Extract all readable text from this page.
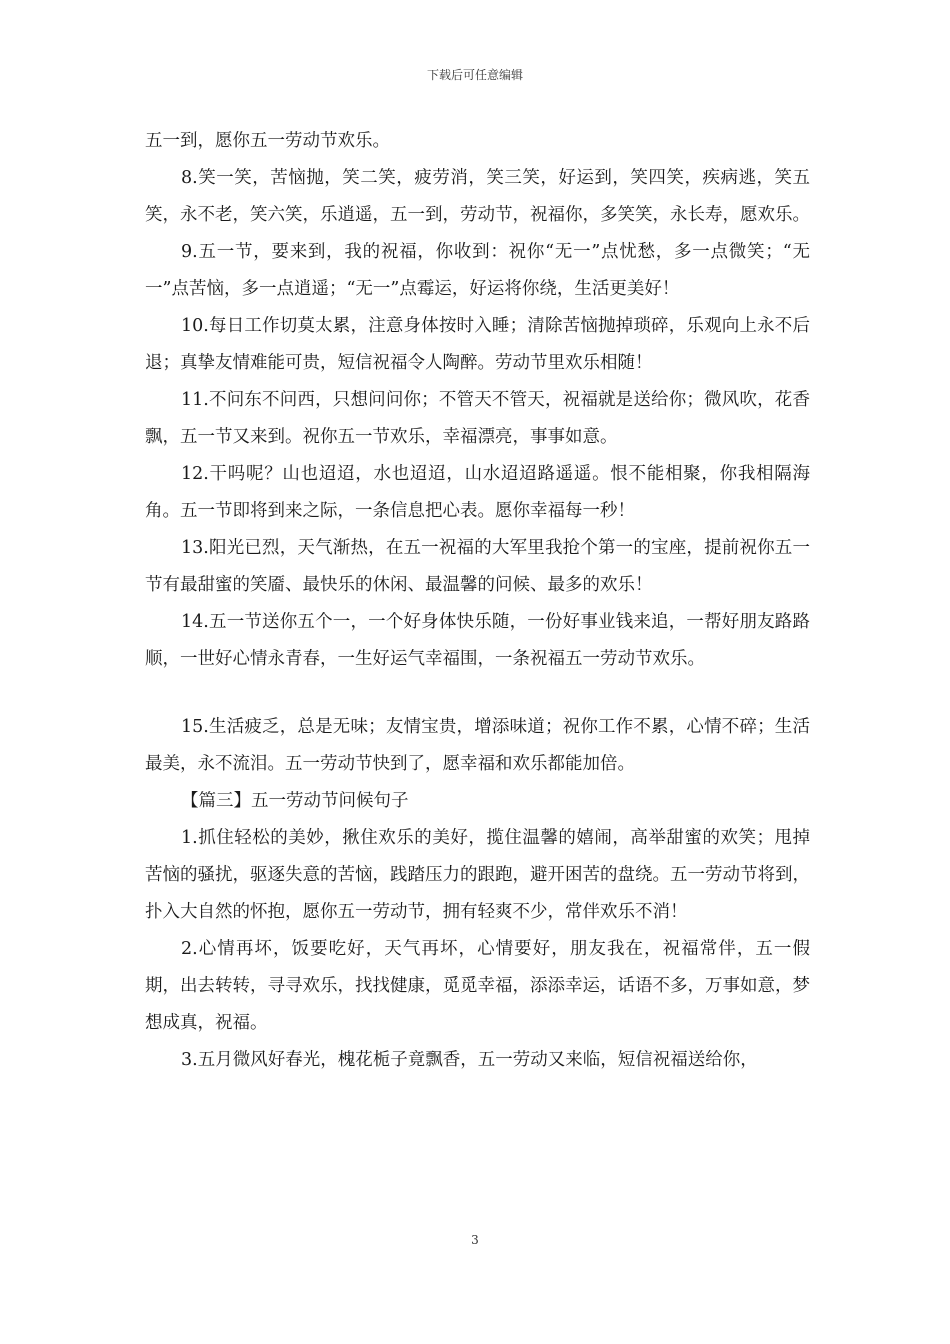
下载后可任意编辑

五一到，愿你五一劳动节欢乐。

8.笑一笑，苦恼抛，笑二笑，疲劳消，笑三笑，好运到，笑四笑，疾病逃，笑五笑，永不老，笑六笑，乐逍遥，五一到，劳动节，祝福你，多笑笑，永长寿，愿欢乐。

9.五一节，要来到，我的祝福，你收到：祝你“无一”点忧愁，多一点微笑；“无一”点苦恼，多一点逍遥；“无一”点霉运，好运将你绕，生活更美好！

10.每日工作切莫太累，注意身体按时入睡；清除苦恼抛掉琐碎，乐观向上永不后退；真挚友情难能可贵，短信祝福令人陶醉。劳动节里欢乐相随！

11.不问东不问西，只想问问你；不管天不管天，祝福就是送给你；微风吹，花香飘，五一节又来到。祝你五一节欢乐，幸福漂亮，事事如意。

12.干吗呢？山也迢迢，水也迢迢，山水迢迢路遥遥。恨不能相聚，你我相隔海角。五一节即将到来之际，一条信息把心表。愿你幸福每一秒！

13.阳光已烈，天气渐热，在五一祝福的大军里我抢个第一的宝座，提前祝你五一节有最甜蜜的笑靥、最快乐的休闲、最温馨的问候、最多的欢乐！

14.五一节送你五个一，一个好身体快乐随，一份好事业钱来追，一帮好朋友路路顺，一世好心情永青春，一生好运气幸福围，一条祝福五一劳动节欢乐。

15.生活疲乏，总是无味；友情宝贵，增添味道；祝你工作不累，心情不碎；生活最美，永不流泪。五一劳动节快到了，愿幸福和欢乐都能加倍。

【篇三】五一劳动节问候句子

1.抓住轻松的美妙，揪住欢乐的美好，揽住温馨的嬉闹，高举甜蜜的欢笑；甩掉苦恼的骚扰，驱逐失意的苦恼，践踏压力的跟跑，避开困苦的盘绕。五一劳动节将到，扑入大自然的怀抱，愿你五一劳动节，拥有轻爽不少，常伴欢乐不消！

2.心情再坏，饭要吃好，天气再坏，心情要好，朋友我在，祝福常伴，五一假期，出去转转，寻寻欢乐，找找健康，觅觅幸福，添添幸运，话语不多，万事如意，梦想成真，祝福。

3.五月微风好春光，槐花栀子竟飘香，五一劳动又来临，短信祝福送给你，

3
